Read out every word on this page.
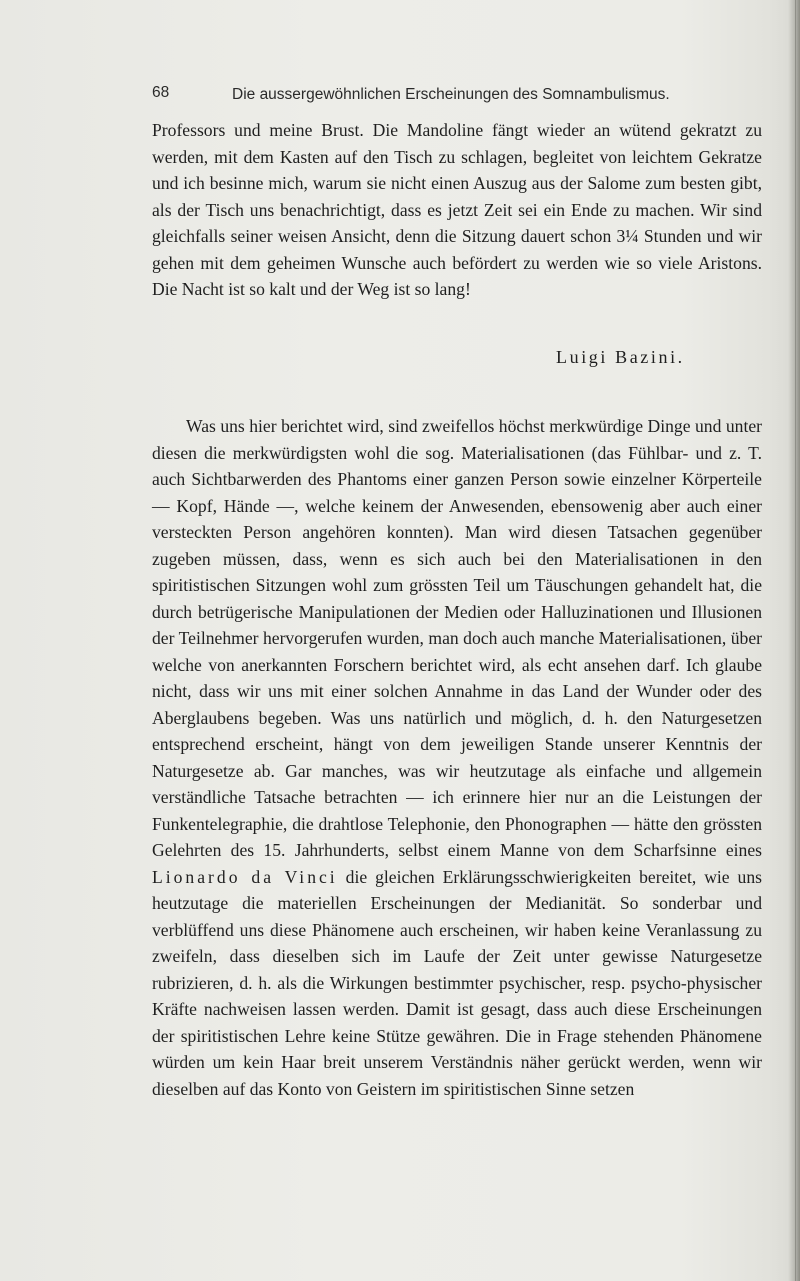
68	Die aussergewöhnlichen Erscheinungen des Somnambulismus.
Professors und meine Brust. Die Mandoline fängt wieder an wütend gekratzt zu werden, mit dem Kasten auf den Tisch zu schlagen, begleitet von leichtem Gekratze und ich besinne mich, warum sie nicht einen Auszug aus der Salome zum besten gibt, als der Tisch uns benachrichtigt, dass es jetzt Zeit sei ein Ende zu machen. Wir sind gleichfalls seiner weisen Ansicht, denn die Sitzung dauert schon 3¼ Stunden und wir gehen mit dem geheimen Wunsche auch befördert zu werden wie so viele Aristons. Die Nacht ist so kalt und der Weg ist so lang!
Luigi Bazini.
Was uns hier berichtet wird, sind zweifellos höchst merkwürdige Dinge und unter diesen die merkwürdigsten wohl die sog. Materialisationen (das Fühlbar- und z. T. auch Sichtbarwerden des Phantoms einer ganzen Person sowie einzelner Körperteile — Kopf, Hände —, welche keinem der Anwesenden, ebensowenig aber auch einer versteckten Person angehören konnten). Man wird diesen Tatsachen gegenüber zugeben müssen, dass, wenn es sich auch bei den Materialisationen in den spiritistischen Sitzungen wohl zum grössten Teil um Täuschungen gehandelt hat, die durch betrügerische Manipulationen der Medien oder Halluzinationen und Illusionen der Teilnehmer hervorgerufen wurden, man doch auch manche Materialisationen, über welche von anerkannten Forschern berichtet wird, als echt ansehen darf. Ich glaube nicht, dass wir uns mit einer solchen Annahme in das Land der Wunder oder des Aberglaubens begeben. Was uns natürlich und möglich, d. h. den Naturgesetzen entsprechend erscheint, hängt von dem jeweiligen Stande unserer Kenntnis der Naturgesetze ab. Gar manches, was wir heutzutage als einfache und allgemein verständliche Tatsache betrachten — ich erinnere hier nur an die Leistungen der Funkentelegraphie, die drahtlose Telephonie, den Phonographen — hätte den grössten Gelehrten des 15. Jahrhunderts, selbst einem Manne von dem Scharfsinne eines Lionardo da Vinci die gleichen Erklärungsschwierigkeiten bereitet, wie uns heutzutage die materiellen Erscheinungen der Medianität. So sonderbar und verblüffend uns diese Phänomene auch erscheinen, wir haben keine Veranlassung zu zweifeln, dass dieselben sich im Laufe der Zeit unter gewisse Naturgesetze rubrizieren, d. h. als die Wirkungen bestimmter psychischer, resp. psycho-physischer Kräfte nachweisen lassen werden. Damit ist gesagt, dass auch diese Erscheinungen der spiritistischen Lehre keine Stütze gewähren. Die in Frage stehenden Phänomene würden um kein Haar breit unserem Verständnis näher gerückt werden, wenn wir dieselben auf das Konto von Geistern im spiritistischen Sinne setzen
